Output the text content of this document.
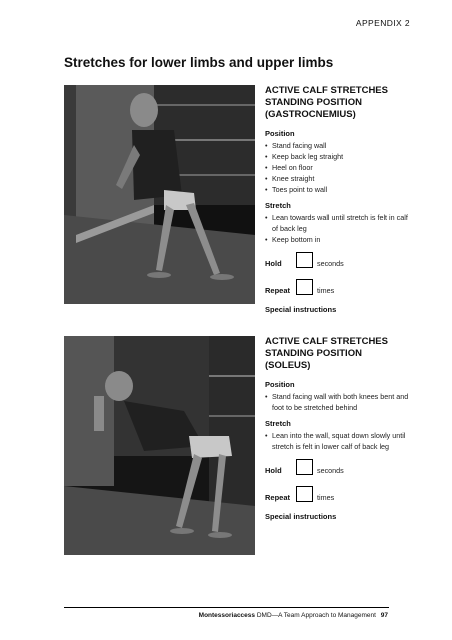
APPENDIX 2
Stretches for lower limbs and upper limbs
ACTIVE CALF STRETCHES
STANDING POSITION
(GASTROCNEMIUS)
Position
• Stand facing wall
• Keep back leg straight
• Heel on floor
• Knee straight
• Toes point to wall
Stretch
• Lean towards wall until stretch is felt in calf of back leg
• Keep bottom in
Hold	seconds
Repeat	times
Special instructions
ACTIVE CALF STRETCHES
STANDING POSITION
(SOLEUS)
Position
• Stand facing wall with both knees bent and foot to be stretched behind
Stretch
• Lean into the wall, squat down slowly until stretch is felt in lower calf of back leg
Hold	seconds
Repeat	times
Special instructions
Montessoriaccess DMD—A Team Approach to Management 97
